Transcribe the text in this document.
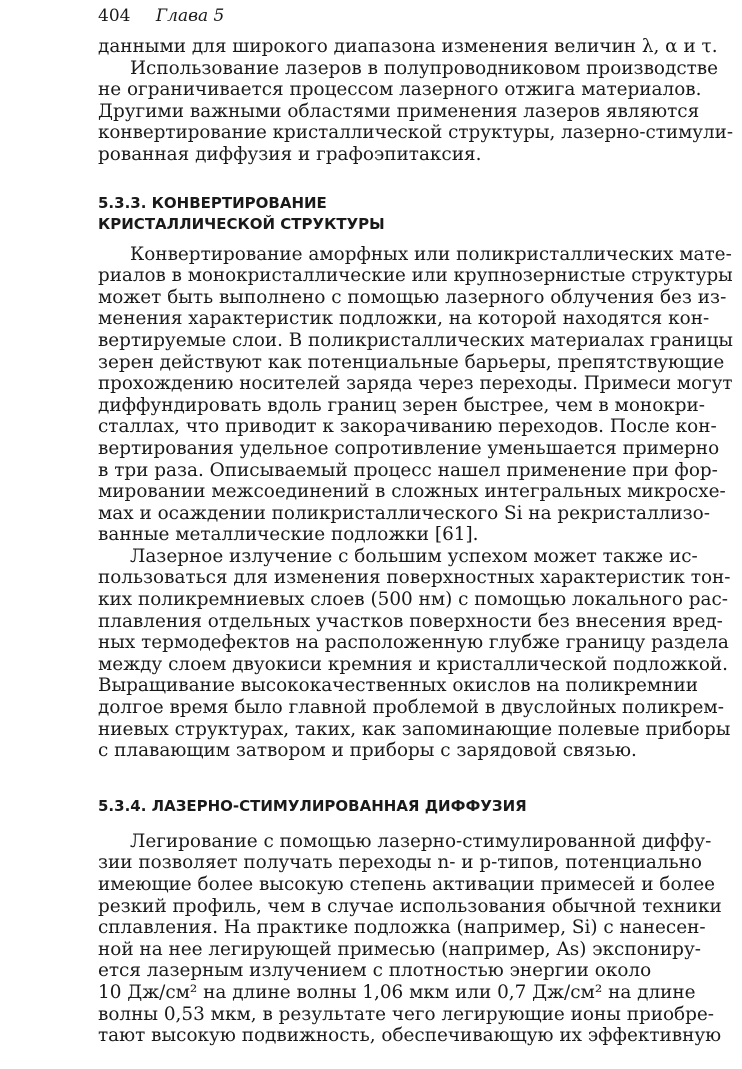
404 Глава 5

данными для широкого диапазона изменения величин λ, α и τ.

Использование лазеров в полупроводниковом производстве
не ограничивается процессом лазерного отжига материалов.
Другими важными областями применения лазеров являются
конвертирование кристаллической структуры, лазерно-стимули-
рованная диффузия и графоэпитаксия.

5.3.3. КОНВЕРТИРОВАНИЕ
КРИСТАЛЛИЧЕСКОЙ СТРУКТУРЫ

Конвертирование аморфных или поликристаллических мате-
риалов в монокристаллические или крупнозернистые структуры
может быть выполнено с помощью лазерного облучения без из-
менения характеристик подложки, на которой находятся кон-
вертируемые слои. В поликристаллических материалах границы
зерен действуют как потенциальные барьеры, препятствующие
прохождению носителей заряда через переходы. Примеси могут
диффундировать вдоль границ зерен быстрее, чем в монокри-
сталлах, что приводит к закорачиванию переходов. После кон-
вертирования удельное сопротивление уменьшается примерно
в три раза. Описываемый процесс нашел применение при фор-
мировании межсоединений в сложных интегральных микросхе-
мах и осаждении поликристаллического Si на рекристаллизо-
ванные металлические подложки [61].

Лазерное излучение с большим успехом может также ис-
пользоваться для изменения поверхностных характеристик тон-
ких поликремниевых слоев (500 нм) с помощью локального рас-
плавления отдельных участков поверхности без внесения вред-
ных термодефектов на расположенную глубже границу раздела
между слоем двуокиси кремния и кристаллической подложкой.
Выращивание высококачественных окислов на поликремнии
долгое время было главной проблемой в двуслойных поликрем-
ниевых структурах, таких, как запоминающие полевые приборы
с плавающим затвором и приборы с зарядовой связью.

5.3.4. ЛАЗЕРНО-СТИМУЛИРОВАННАЯ ДИФФУЗИЯ

Легирование с помощью лазерно-стимулированной диффу-
зии позволяет получать переходы n- и p-типов, потенциально
имеющие более высокую степень активации примесей и более
резкий профиль, чем в случае использования обычной техники
сплавления. На практике подложка (например, Si) с нанесен-
ной на нее легирующей примесью (например, As) экспониру-
ется лазерным излучением с плотностью энергии около
10 Дж/см² на длине волны 1,06 мкм или 0,7 Дж/см² на длине
волны 0,53 мкм, в результате чего легирующие ионы приобре-
тают высокую подвижность, обеспечивающую их эффективную
